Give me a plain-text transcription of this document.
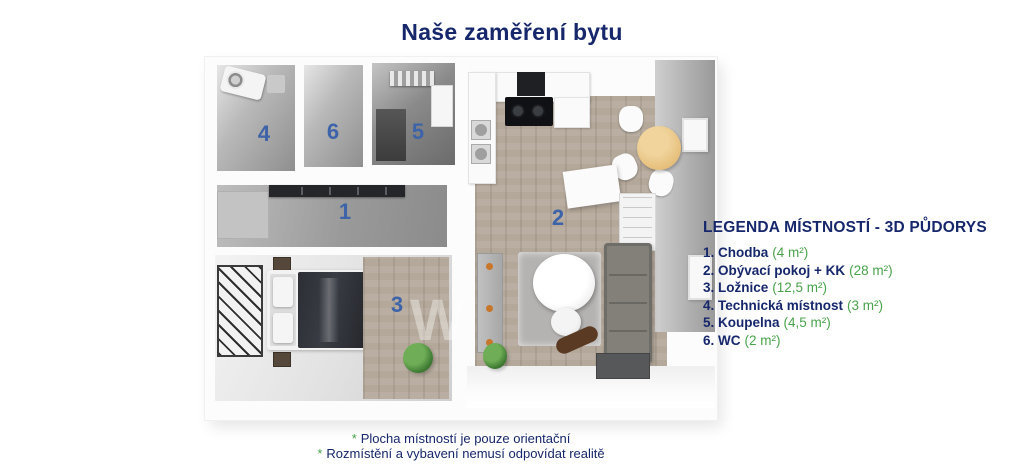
Naše zaměření bytu
W
4	6	5
1
3
2	LEGENDA MÍSTNOSTÍ - 3D PŮDORYS
1. Chodba (4 m²)
2. Obývací pokoj + KK (28 m²)
3. Ložnice (12,5 m²)
4. Technická místnost (3 m²)
5. Koupelna (4,5 m²)
6. WC (2 m²)
* Plocha místností je pouze orientační * Rozmístění a vybavení nemusí odpovídat realitě
